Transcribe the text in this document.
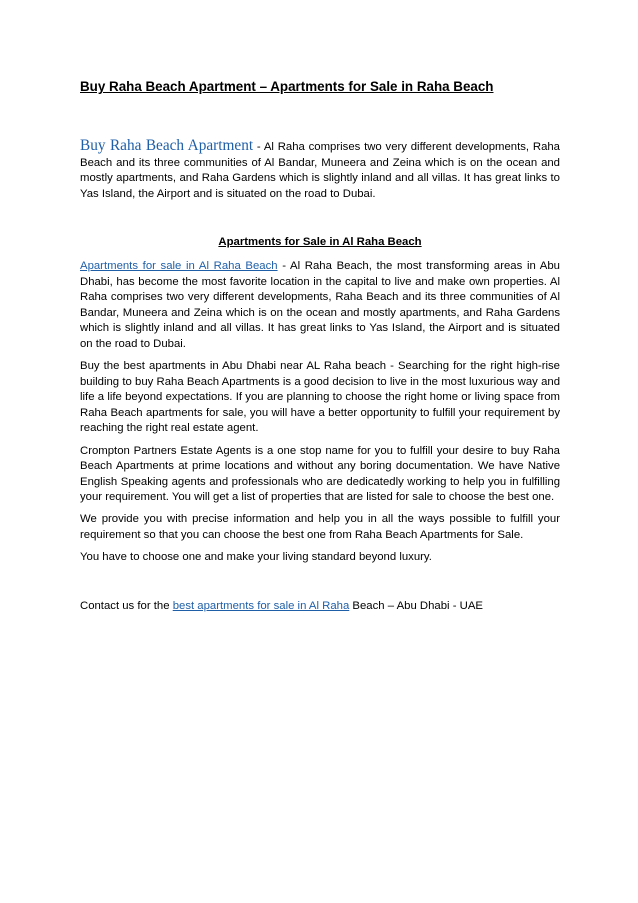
Buy Raha Beach Apartment – Apartments for Sale in Raha Beach

Buy Raha Beach Apartment - Al Raha comprises two very different developments, Raha Beach and its three communities of Al Bandar, Muneera and Zeina which is on the ocean and mostly apartments, and Raha Gardens which is slightly inland and all villas. It has great links to Yas Island, the Airport and is situated on the road to Dubai.

Apartments for Sale in Al Raha Beach

Apartments for sale in Al Raha Beach - Al Raha Beach, the most transforming areas in Abu Dhabi, has become the most favorite location in the capital to live and make own properties. Al Raha comprises two very different developments, Raha Beach and its three communities of Al Bandar, Muneera and Zeina which is on the ocean and mostly apartments, and Raha Gardens which is slightly inland and all villas. It has great links to Yas Island, the Airport and is situated on the road to Dubai.

Buy the best apartments in Abu Dhabi near AL Raha beach - Searching for the right high-rise building to buy Raha Beach Apartments is a good decision to live in the most luxurious way and life a life beyond expectations. If you are planning to choose the right home or living space from Raha Beach apartments for sale, you will have a better opportunity to fulfill your requirement by reaching the right real estate agent.

Crompton Partners Estate Agents is a one stop name for you to fulfill your desire to buy Raha Beach Apartments at prime locations and without any boring documentation. We have Native English Speaking agents and professionals who are dedicatedly working to help you in fulfilling your requirement. You will get a list of properties that are listed for sale to choose the best one.

We provide you with precise information and help you in all the ways possible to fulfill your requirement so that you can choose the best one from Raha Beach Apartments for Sale.

You have to choose one and make your living standard beyond luxury.

Contact us for the best apartments for sale in Al Raha Beach – Abu Dhabi - UAE
